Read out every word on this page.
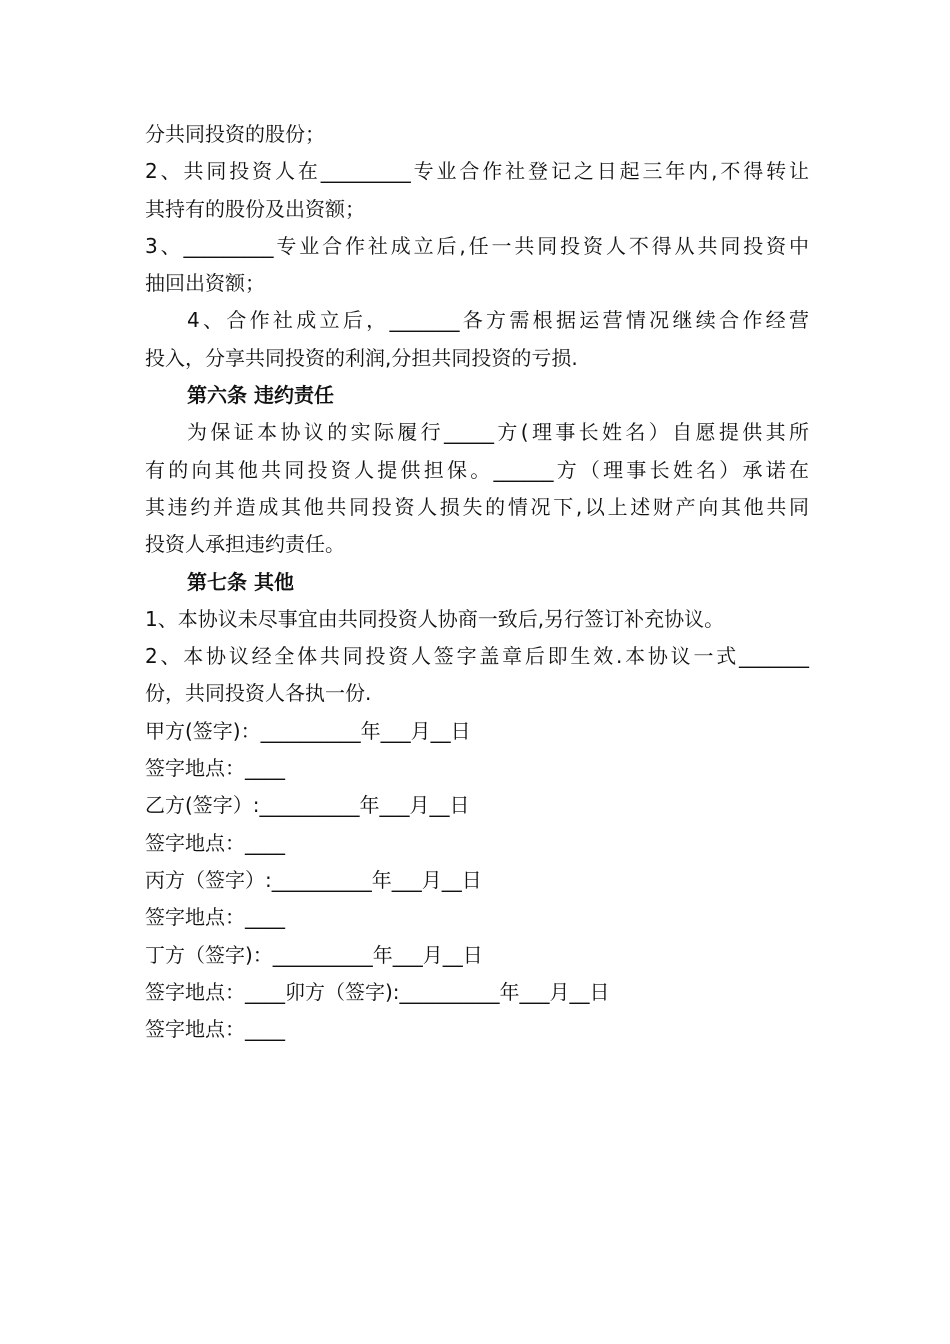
分共同投资的股份；
2、共同投资人在_________专业合作社登记之日起三年内,不得转让
其持有的股份及出资额；
3、_________专业合作社成立后,任一共同投资人不得从共同投资中
抽回出资额；
4、合作社成立后，_______各方需根据运营情况继续合作经营
投入，分享共同投资的利润,分担共同投资的亏损.
第六条 违约责任
为保证本协议的实际履行_____方(理事长姓名）自愿提供其所
有的向其他共同投资人提供担保。______方（理事长姓名）承诺在
其违约并造成其他共同投资人损失的情况下,以上述财产向其他共同
投资人承担违约责任。
第七条 其他
1、本协议未尽事宜由共同投资人协商一致后,另行签订补充协议。
2、本协议经全体共同投资人签字盖章后即生效.本协议一式_______
份，共同投资人各执一份.
甲方(签字)：__________年___月__日
签字地点：____
乙方(签字）:__________年___月__日
签字地点：____
丙方（签字）:__________年___月__日
签字地点：____
丁方（签字)：__________年___月__日
签字地点：____卯方（签字):__________年___月__日
签字地点：____
